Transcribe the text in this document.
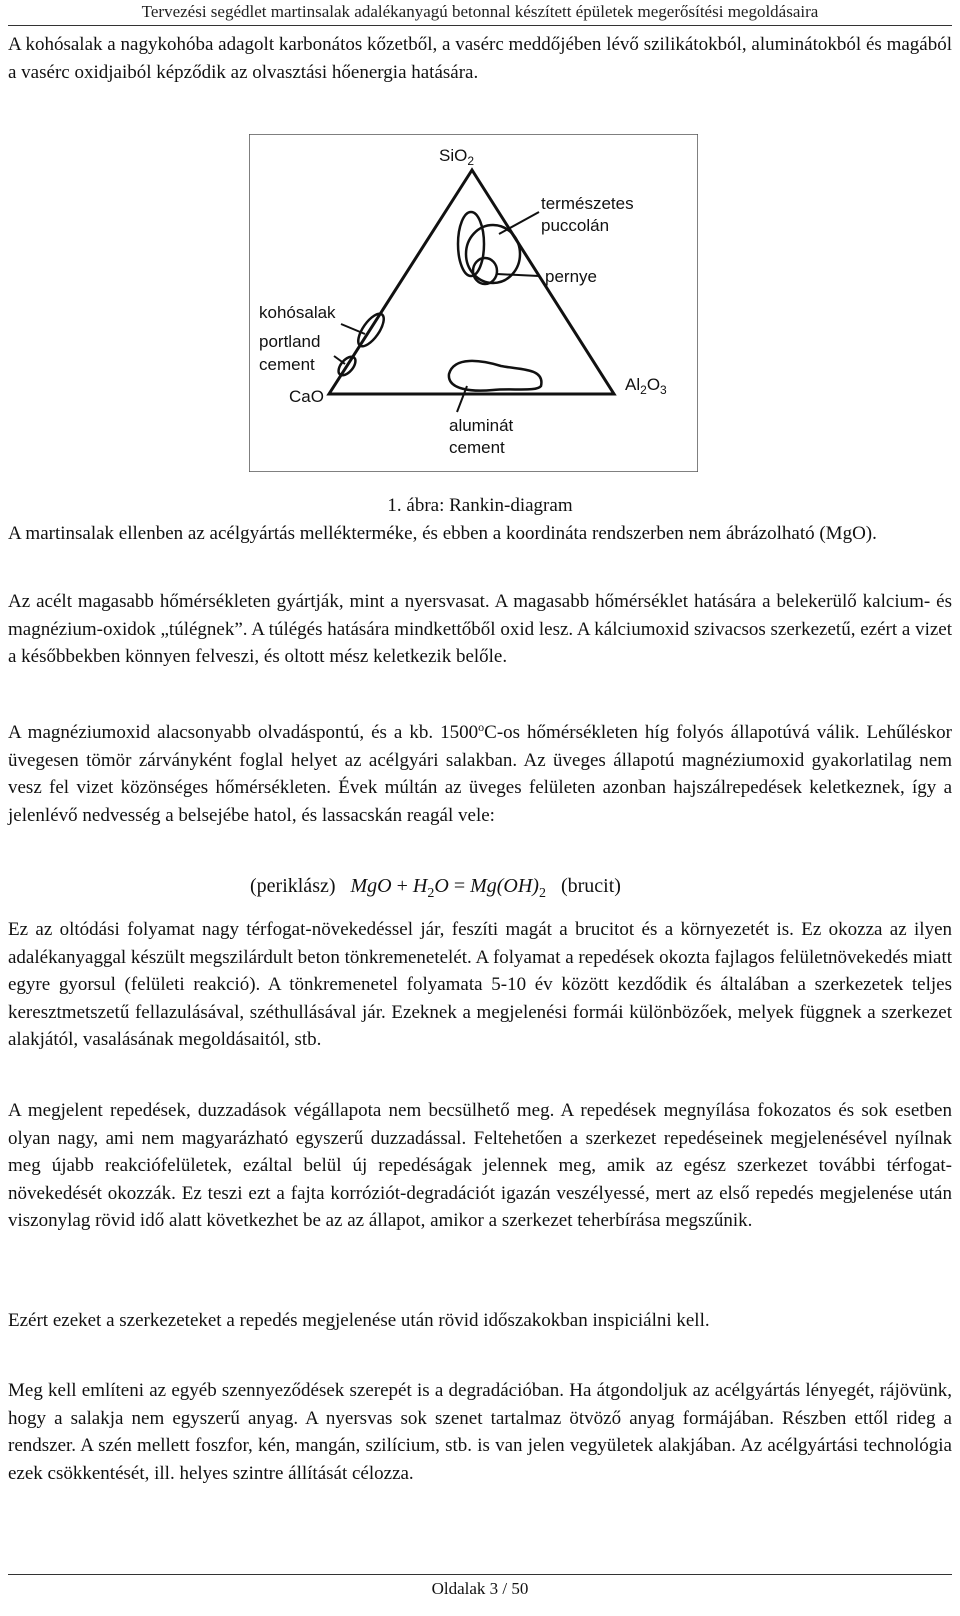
Tervezési segédlet martinsalak adalékanyagú betonnal készített épületek megerősítési megoldásaira

A kohósalak a nagykohóba adagolt karbonátos kőzetből, a vasérc meddőjében lévő szilikátokból, aluminátokból és magából a vasérc oxidjaiból képződik az olvasztási hőenergia hatására.

SiO$_2$
természetes
puccolán
pernye
kohósalak
portland
cement
CaO
$Al_2O_3$
aluminát
cement
1. ábra: Rankin-diagram

A martinsalak ellenben az acélgyártás mellékterméke, és ebben a koordináta rendszerben nem ábrázolható (MgO).

Az acélt magasabb hőmérsékleten gyártják, mint a nyersvasat. A magasabb hőmérséklet hatására a belekerülő kalcium- és magnézium-oxidok „túlégnek”. A túlégés hatására mindkettőből oxid lesz. A kálciumoxid szivacsos szerkezetű, ezért a vizet a későbbekben könnyen felveszi, és oltott mész keletkezik belőle.

A magnéziumoxid alacsonyabb olvadáspontú, és a kb. 1500$^o$C-os hőmérsékleten híg folyós állapotúvá válik. Lehűléskor üvegesen tömör zárványként foglal helyet az acélgyári salakban. Az üveges állapotú magnéziumoxid gyakorlatilag nem vesz fel vizet közönséges hőmérsékleten. Évek múltán az üveges felületen azonban hajszálrepedések keletkeznek, így a jelenlévő nedvesség a belsejébe hatol, és lassacskán reagál vele:

(periklász) MgO + $H_2O = Mg(OH)_2$ (brucit)

Ez az oltódási folyamat nagy térfogat-növekedéssel jár, feszíti magát a brucitot és a környezetét is. Ez okozza az ilyen adalékanyaggal készült megszilárdult beton tönkremenetelét. A folyamat a repedések okozta fajlagos felületnövekedés miatt egyre gyorsul (felületi reakció). A tönkremenetel folyamata 5-10 év között kezdődik és általában a szerkezetek teljes keresztmetszetű fellazulásával, széthullásával jár. Ezeknek a megjelenési formái különbözőek, melyek függnek a szerkezet alakjától, vasalásának megoldásaitól, stb.

A megjelent repedések, duzzadások végállapota nem becsülhető meg. A repedések megnyílása fokozatos és sok esetben olyan nagy, ami nem magyarázható egyszerű duzzadással. Feltehetően a szerkezet repedéseinek megjelenésével nyílnak meg újabb reakciófelületek, ezáltal belül új repedéságak jelennek meg, amik az egész szerkezet további térfogat-növekedését okozzák. Ez teszi ezt a fajta korróziót-degradációt igazán veszélyessé, mert az első repedés megjelenése után viszonylag rövid idő alatt következhet be az az állapot, amikor a szerkezet teherbírása megszűnik.

Ezért ezeket a szerkezeteket a repedés megjelenése után rövid időszakokban inspiciálni kell.

Meg kell említeni az egyéb szennyeződések szerepét is a degradációban. Ha átgondoljuk az acélgyártás lényegét, rájövünk, hogy a salakja nem egyszerű anyag. A nyersvas sok szenet tartalmaz ötvöző anyag formájában. Részben ettől rideg a rendszer. A szén mellett foszfor, kén, mangán, szilícium, stb. is van jelen vegyületek alakjában. Az acélgyártási technológia ezek csökkentését, ill. helyes szintre állítását célozza.

Oldalak 3 / 50
